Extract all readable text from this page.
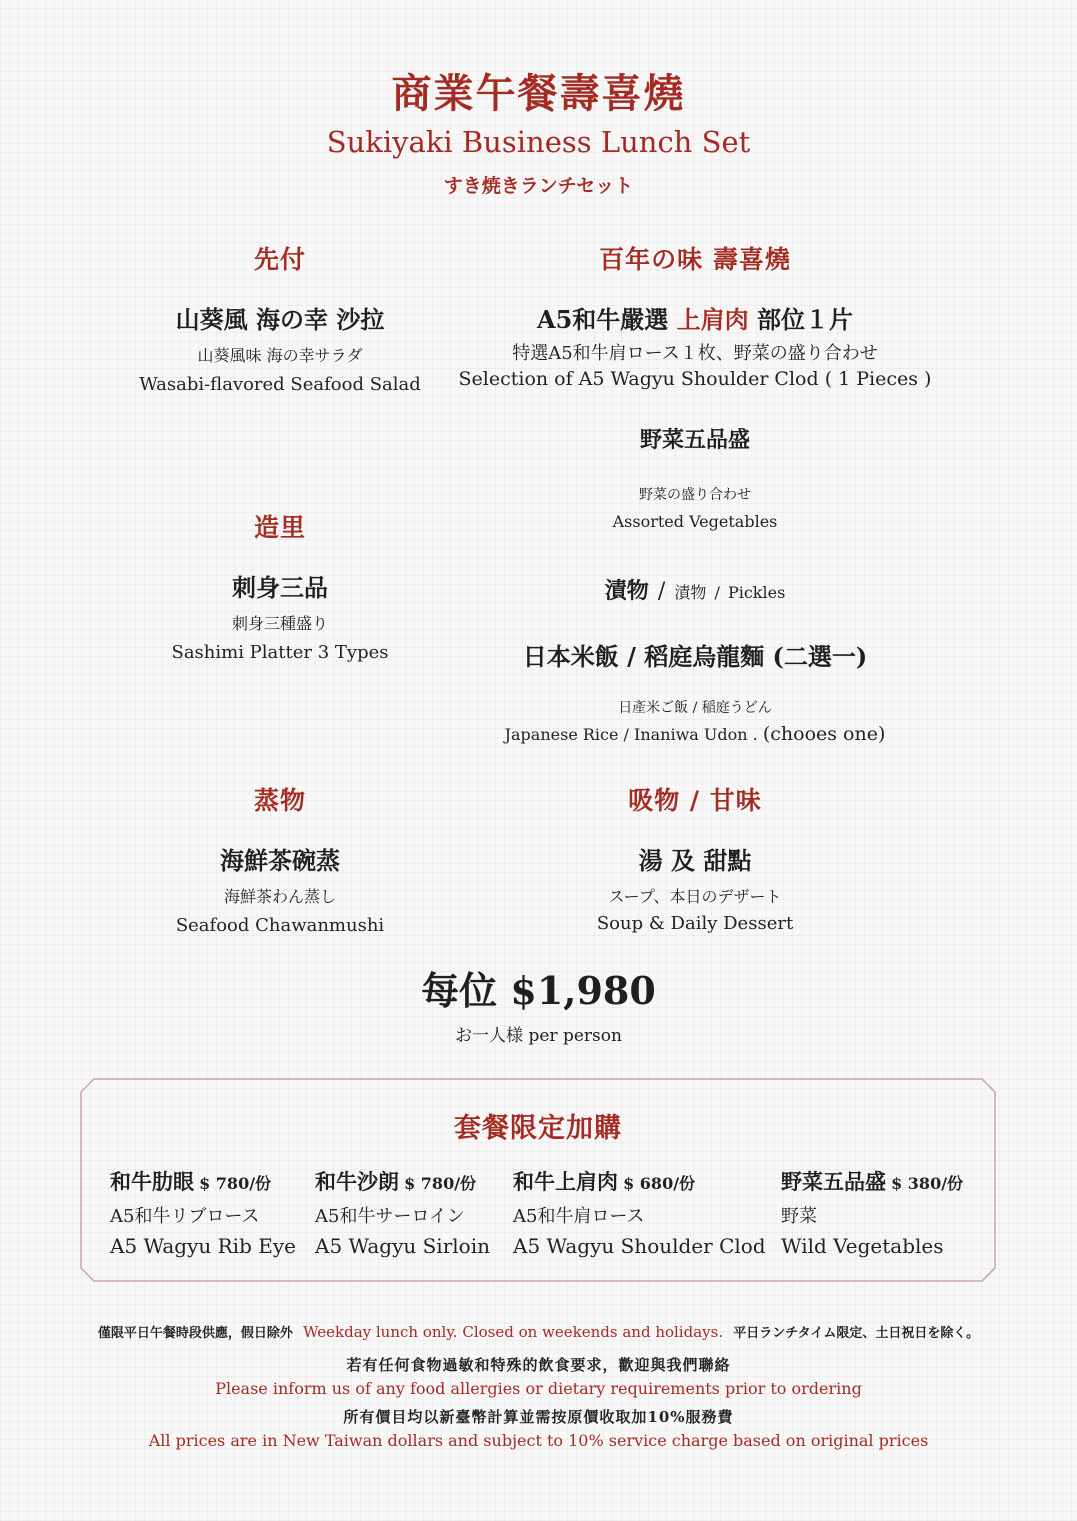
商業午餐壽喜燒
Sukiyaki Business Lunch Set
すき焼きランチセット
先付
山葵風 海の幸 沙拉
山葵風味 海の幸サラダ
Wasabi-flavored Seafood Salad
造里
刺身三品
刺身三種盛り
Sashimi Platter 3 Types
蒸物
海鮮茶碗蒸
海鮮茶わん蒸し
Seafood Chawanmushi
百年の味 壽喜燒
A5和牛嚴選 上肩肉 部位１片
特選A5和牛肩ロース１枚、野菜の盛り合わせ
Selection of A5 Wagyu Shoulder Clod ( 1 Pieces )
野菜五品盛
野菜の盛り合わせ
Assorted Vegetables
漬物 / 漬物 / Pickles
日本米飯 / 稻庭烏龍麵 (二選一)
日產米ご飯 / 稲庭うどん
Japanese Rice / Inaniwa Udon . (chooes one)
吸物 / 甘味
湯 及 甜點
スープ、本日のデザート
Soup & Daily Dessert
每位 $1,980
お一人様 per person
套餐限定加購
和牛肋眼 $ 780/份
A5和牛リブロース
A5 Wagyu Rib Eye
和牛沙朗 $ 780/份
A5和牛サーロイン
A5 Wagyu Sirloin
和牛上肩肉 $ 680/份
A5和牛肩ロース
A5 Wagyu Shoulder Clod
野菜五品盛 $ 380/份
野菜
Wild Vegetables
僅限平日午餐時段供應，假日除外 Weekday lunch only. Closed on weekends and holidays. 平日ランチタイム限定、土日祝日を除く。
若有任何食物過敏和特殊的飲食要求，歡迎與我們聯絡
Please inform us of any food allergies or dietary requirements prior to ordering
所有價目均以新臺幣計算並需按原價收取加10%服務費
All prices are in New Taiwan dollars and subject to 10% service charge based on original prices
